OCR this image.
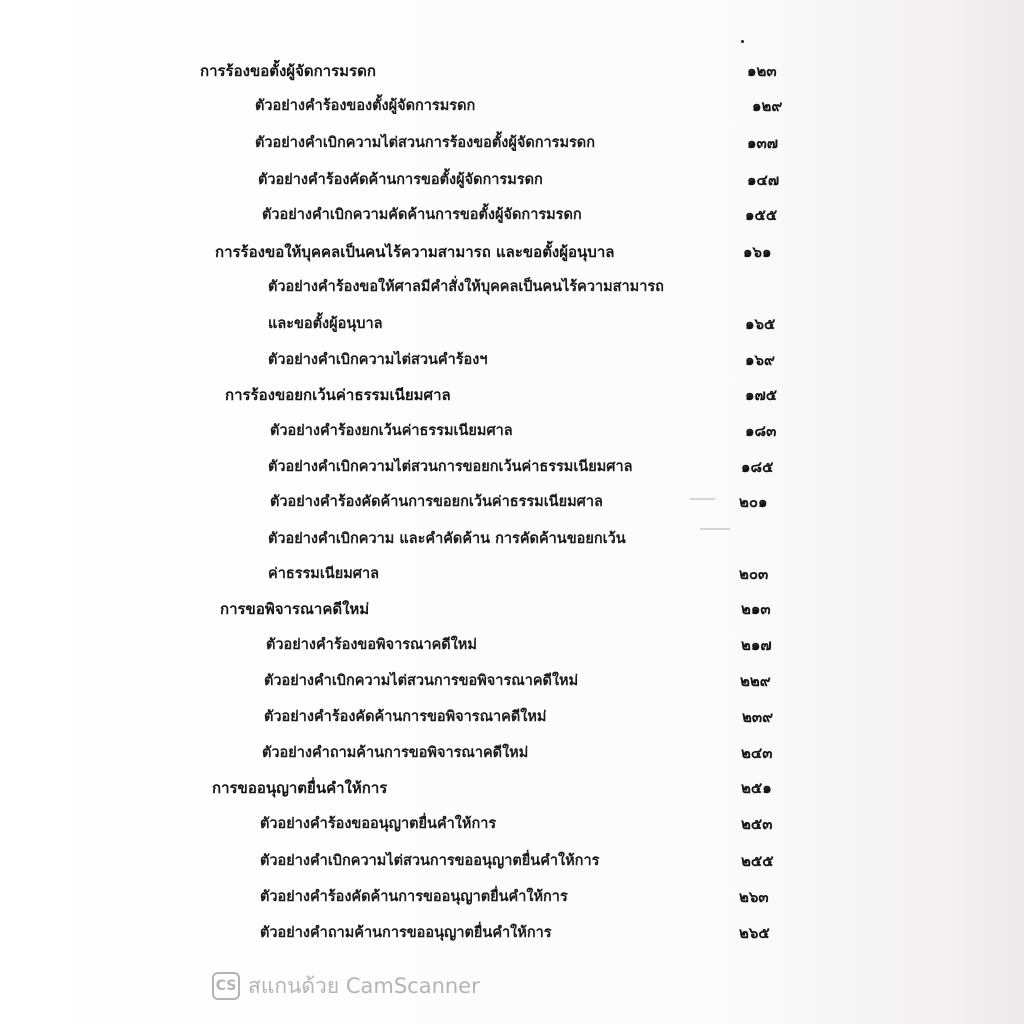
การร้องขอตั้งผู้จัดการมรดก	๑๒๓
ตัวอย่างคำร้องของตั้งผู้จัดการมรดก	๑๒๙
ตัวอย่างคำเบิกความไต่สวนการร้องขอตั้งผู้จัดการมรดก	๑๓๗
ตัวอย่างคำร้องคัดค้านการขอตั้งผู้จัดการมรดก	๑๔๗
ตัวอย่างคำเบิกความคัดค้านการขอตั้งผู้จัดการมรดก	๑๕๕
การร้องขอให้บุคคลเป็นคนไร้ความสามารถ และขอตั้งผู้อนุบาล	๑๖๑
ตัวอย่างคำร้องขอให้ศาลมีคำสั่งให้บุคคลเป็นคนไร้ความสามารถ
และขอตั้งผู้อนุบาล	๑๖๕
ตัวอย่างคำเบิกความไต่สวนคำร้องฯ	๑๖๙
การร้องขอยกเว้นค่าธรรมเนียมศาล	๑๗๕
ตัวอย่างคำร้องยกเว้นค่าธรรมเนียมศาล	๑๘๓
ตัวอย่างคำเบิกความไต่สวนการขอยกเว้นค่าธรรมเนียมศาล	๑๘๕
ตัวอย่างคำร้องคัดค้านการขอยกเว้นค่าธรรมเนียมศาล	๒๐๑
ตัวอย่างคำเบิกความ และคำคัดค้าน การคัดค้านขอยกเว้น
ค่าธรรมเนียมศาล	๒๐๓
การขอพิจารณาคดีใหม่	๒๑๓
ตัวอย่างคำร้องขอพิจารณาคดีใหม่	๒๑๗
ตัวอย่างคำเบิกความไต่สวนการขอพิจารณาคดีใหม่	๒๒๙
ตัวอย่างคำร้องคัดค้านการขอพิจารณาคดีใหม่	๒๓๙
ตัวอย่างคำถามค้านการขอพิจารณาคดีใหม่	๒๔๓
การขออนุญาตยื่นคำให้การ	๒๕๑
ตัวอย่างคำร้องขออนุญาตยื่นคำให้การ	๒๕๓
ตัวอย่างคำเบิกความไต่สวนการขออนุญาตยื่นคำให้การ	๒๕๕
ตัวอย่างคำร้องคัดค้านการขออนุญาตยื่นคำให้การ	๒๖๓
ตัวอย่างคำถามค้านการขออนุญาตยื่นคำให้การ	๒๖๕
CS สแกนด้วย CamScanner
